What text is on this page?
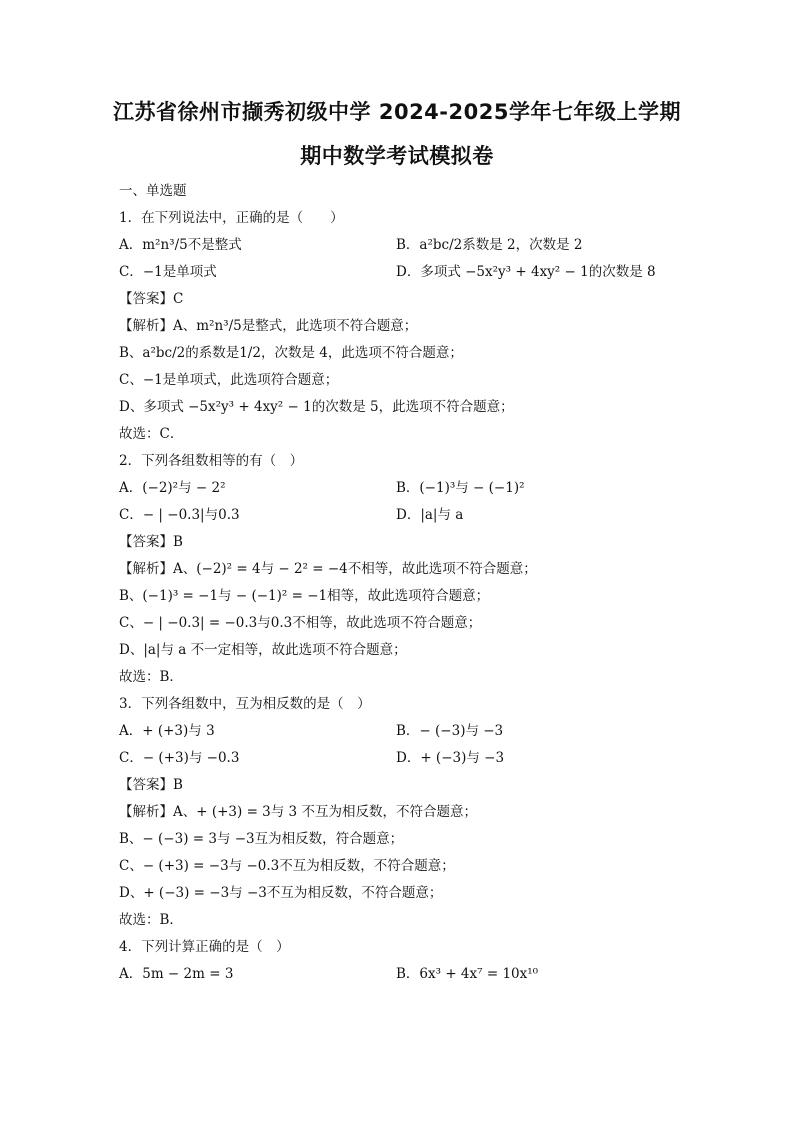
江苏省徐州市撷秀初级中学 2024-2025学年七年级上学期
期中数学考试模拟卷
一、单选题
1．在下列说法中，正确的是（　　）
A．m²n³/5不是整式	B．a²bc/2系数是 2，次数是 2
C．−1是单项式	D．多项式 −5x²y³ + 4xy² − 1的次数是 8
【答案】C
【解析】A、m²n³/5是整式，此选项不符合题意；
B、a²bc/2的系数是1/2，次数是 4，此选项不符合题意；
C、−1是单项式，此选项符合题意；
D、多项式 −5x²y³ + 4xy² − 1的次数是 5，此选项不符合题意；
故选：C．
2．下列各组数相等的有（　）
A．(−2)²与 − 2²	B．(−1)³与 − (−1)²
C．− | −0.3|与0.3	D．|a|与 a
【答案】B
【解析】A、(−2)² = 4与 − 2² = −4不相等，故此选项不符合题意；
B、(−1)³ = −1与 − (−1)² = −1相等，故此选项符合题意；
C、− | −0.3| = −0.3与0.3不相等，故此选项不符合题意；
D、|a|与 a 不一定相等，故此选项不符合题意；
故选：B．
3．下列各组数中，互为相反数的是（　）
A．+ (+3)与 3	B．− (−3)与 −3
C．− (+3)与 −0.3	D．+ (−3)与 −3
【答案】B
【解析】A、+ (+3) = 3与 3 不互为相反数，不符合题意；
B、− (−3) = 3与 −3互为相反数，符合题意；
C、− (+3) = −3与 −0.3不互为相反数，不符合题意；
D、+ (−3) = −3与 −3不互为相反数，不符合题意；
故选：B．
4．下列计算正确的是（　）
A．5m − 2m = 3	B．6x³ + 4x⁷ = 10x¹⁰
